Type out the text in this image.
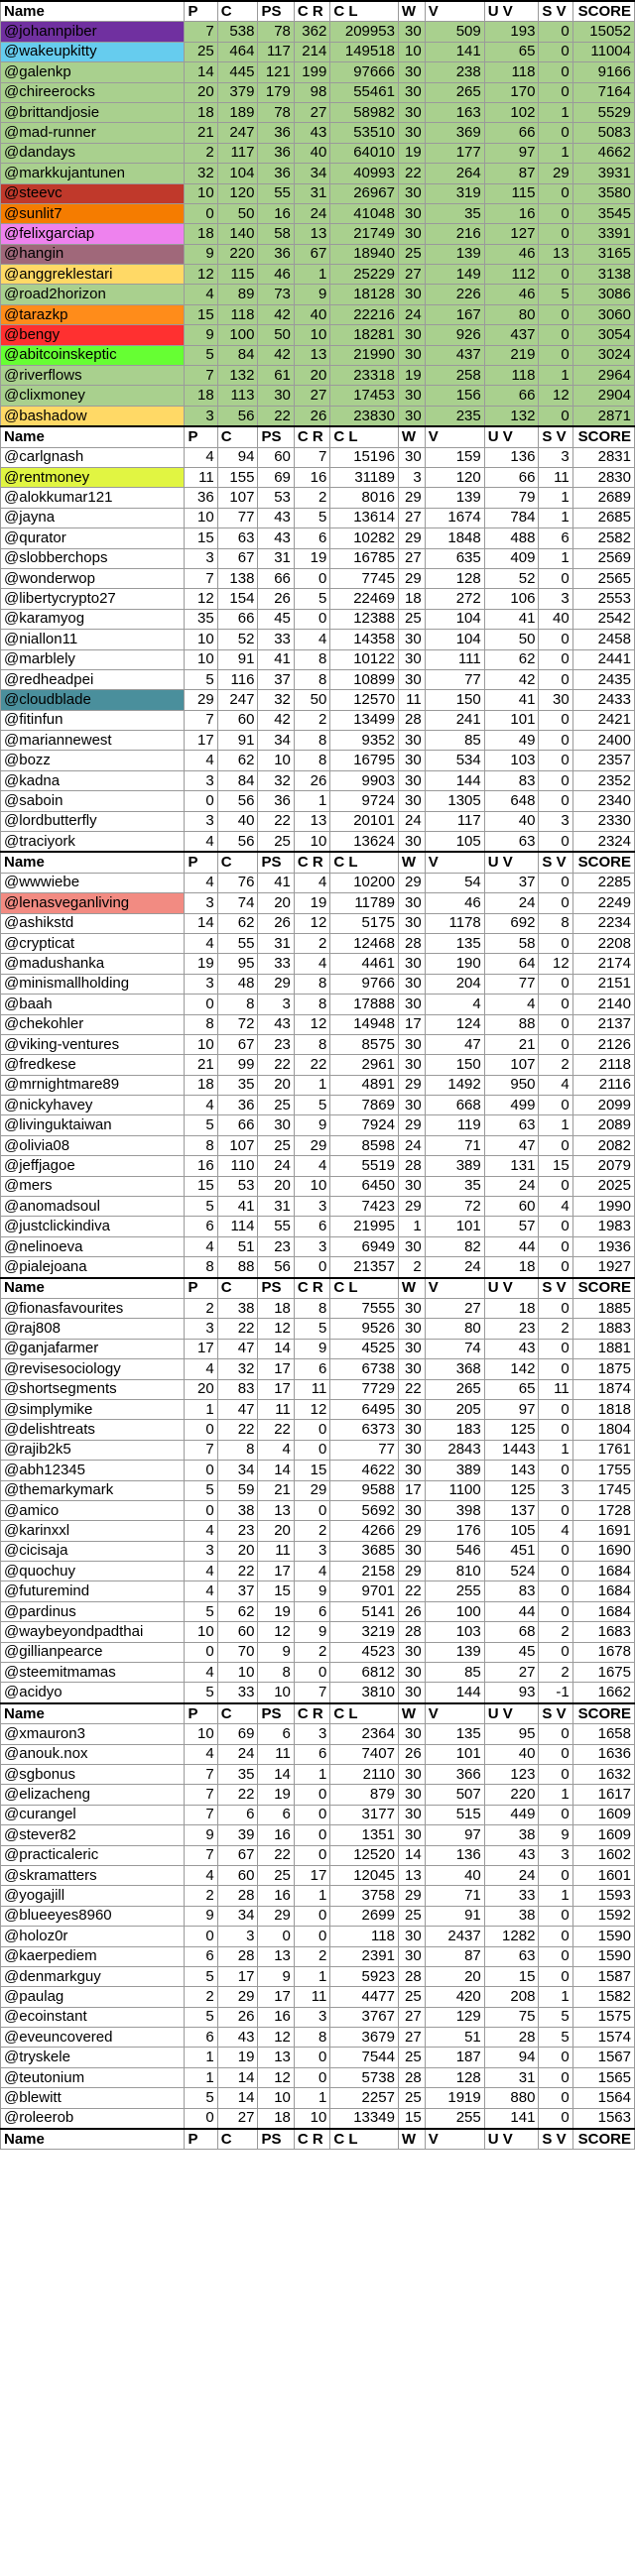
Name	P	C	PS	C R	C L	W	V	U V	S V	SCORE
@johannpiber	7	538	78	362	209953	30	509	193	0	15052
@wakeupkitty	25	464	117	214	149518	10	141	65	0	11004
@galenkp	14	445	121	199	97666	30	238	118	0	9166
@chireerocks	20	379	179	98	55461	30	265	170	0	7164
@brittandjosie	18	189	78	27	58982	30	163	102	1	5529
@mad-runner	21	247	36	43	53510	30	369	66	0	5083
@dandays	2	117	36	40	64010	19	177	97	1	4662
@markkujantunen	32	104	36	34	40993	22	264	87	29	3931
@steevc	10	120	55	31	26967	30	319	115	0	3580
@sunlit7	0	50	16	24	41048	30	35	16	0	3545
@felixgarciap	18	140	58	13	21749	30	216	127	0	3391
@hangin	9	220	36	67	18940	25	139	46	13	3165
@anggreklestari	12	115	46	1	25229	27	149	112	0	3138
@road2horizon	4	89	73	9	18128	30	226	46	5	3086
@tarazkp	15	118	42	40	22216	24	167	80	0	3060
@bengy	9	100	50	10	18281	30	926	437	0	3054
@abitcoinskeptic	5	84	42	13	21990	30	437	219	0	3024
@riverflows	7	132	61	20	23318	19	258	118	1	2964
@clixmoney	18	113	30	27	17453	30	156	66	12	2904
@bashadow	3	56	22	26	23830	30	235	132	0	2871
Name	P	C	PS	C R	C L	W	V	U V	S V	SCORE
@carlgnash	4	94	60	7	15196	30	159	136	3	2831
@rentmoney	11	155	69	16	31189	3	120	66	11	2830
@alokkumar121	36	107	53	2	8016	29	139	79	1	2689
@jayna	10	77	43	5	13614	27	1674	784	1	2685
@qurator	15	63	43	6	10282	29	1848	488	6	2582
@slobberchops	3	67	31	19	16785	27	635	409	1	2569
@wonderwop	7	138	66	0	7745	29	128	52	0	2565
@libertycrypto27	12	154	26	5	22469	18	272	106	3	2553
@karamyog	35	66	45	0	12388	25	104	41	40	2542
@niallon11	10	52	33	4	14358	30	104	50	0	2458
@marblely	10	91	41	8	10122	30	111	62	0	2441
@redheadpei	5	116	37	8	10899	30	77	42	0	2435
@cloudblade	29	247	32	50	12570	11	150	41	30	2433
@fitinfun	7	60	42	2	13499	28	241	101	0	2421
@mariannewest	17	91	34	8	9352	30	85	49	0	2400
@bozz	4	62	10	8	16795	30	534	103	0	2357
@kadna	3	84	32	26	9903	30	144	83	0	2352
@saboin	0	56	36	1	9724	30	1305	648	0	2340
@lordbutterfly	3	40	22	13	20101	24	117	40	3	2330
@traciyork	4	56	25	10	13624	30	105	63	0	2324
Name	P	C	PS	C R	C L	W	V	U V	S V	SCORE
@wwwiebe	4	76	41	4	10200	29	54	37	0	2285
@lenasveganliving	3	74	20	19	11789	30	46	24	0	2249
@ashikstd	14	62	26	12	5175	30	1178	692	8	2234
@crypticat	4	55	31	2	12468	28	135	58	0	2208
@madushanka	19	95	33	4	4461	30	190	64	12	2174
@minismallholding	3	48	29	8	9766	30	204	77	0	2151
@baah	0	8	3	8	17888	30	4	4	0	2140
@chekohler	8	72	43	12	14948	17	124	88	0	2137
@viking-ventures	10	67	23	8	8575	30	47	21	0	2126
@fredkese	21	99	22	22	2961	30	150	107	2	2118
@mrnightmare89	18	35	20	1	4891	29	1492	950	4	2116
@nickyhavey	4	36	25	5	7869	30	668	499	0	2099
@livinguktaiwan	5	66	30	9	7924	29	119	63	1	2089
@olivia08	8	107	25	29	8598	24	71	47	0	2082
@jeffjagoe	16	110	24	4	5519	28	389	131	15	2079
@mers	15	53	20	10	6450	30	35	24	0	2025
@anomadsoul	5	41	31	3	7423	29	72	60	4	1990
@justclickindiva	6	114	55	6	21995	1	101	57	0	1983
@nelinoeva	4	51	23	3	6949	30	82	44	0	1936
@pialejoana	8	88	56	0	21357	2	24	18	0	1927
Name	P	C	PS	C R	C L	W	V	U V	S V	SCORE
@fionasfavourites	2	38	18	8	7555	30	27	18	0	1885
@raj808	3	22	12	5	9526	30	80	23	2	1883
@ganjafarmer	17	47	14	9	4525	30	74	43	0	1881
@revisesociology	4	32	17	6	6738	30	368	142	0	1875
@shortsegments	20	83	17	11	7729	22	265	65	11	1874
@simplymike	1	47	11	12	6495	30	205	97	0	1818
@delishtreats	0	22	22	0	6373	30	183	125	0	1804
@rajib2k5	7	8	4	0	77	30	2843	1443	1	1761
@abh12345	0	34	14	15	4622	30	389	143	0	1755
@themarkymark	5	59	21	29	9588	17	1100	125	3	1745
@amico	0	38	13	0	5692	30	398	137	0	1728
@karinxxl	4	23	20	2	4266	29	176	105	4	1691
@cicisaja	3	20	11	3	3685	30	546	451	0	1690
@quochuy	4	22	17	4	2158	29	810	524	0	1684
@futuremind	4	37	15	9	9701	22	255	83	0	1684
@pardinus	5	62	19	6	5141	26	100	44	0	1684
@waybeyondpadthai	10	60	12	9	3219	28	103	68	2	1683
@gillianpearce	0	70	9	2	4523	30	139	45	0	1678
@steemitmamas	4	10	8	0	6812	30	85	27	2	1675
@acidyo	5	33	10	7	3810	30	144	93	-1	1662
Name	P	C	PS	C R	C L	W	V	U V	S V	SCORE
@xmauron3	10	69	6	3	2364	30	135	95	0	1658
@anouk.nox	4	24	11	6	7407	26	101	40	0	1636
@sgbonus	7	35	14	1	2110	30	366	123	0	1632
@elizacheng	7	22	19	0	879	30	507	220	1	1617
@curangel	7	6	6	0	3177	30	515	449	0	1609
@stever82	9	39	16	0	1351	30	97	38	9	1609
@practicaleric	7	67	22	0	12520	14	136	43	3	1602
@skramatters	4	60	25	17	12045	13	40	24	0	1601
@yogajill	2	28	16	1	3758	29	71	33	1	1593
@blueeyes8960	9	34	29	0	2699	25	91	38	0	1592
@holoz0r	0	3	0	0	118	30	2437	1282	0	1590
@kaerpediem	6	28	13	2	2391	30	87	63	0	1590
@denmarkguy	5	17	9	1	5923	28	20	15	0	1587
@paulag	2	29	17	11	4477	25	420	208	1	1582
@ecoinstant	5	26	16	3	3767	27	129	75	5	1575
@eveuncovered	6	43	12	8	3679	27	51	28	5	1574
@tryskele	1	19	13	0	7544	25	187	94	0	1567
@teutonium	1	14	12	0	5738	28	128	31	0	1565
@blewitt	5	14	10	1	2257	25	1919	880	0	1564
@roleerob	0	27	18	10	13349	15	255	141	0	1563
Name	P	C	PS	C R	C L	W	V	U V	S V	SCORE
